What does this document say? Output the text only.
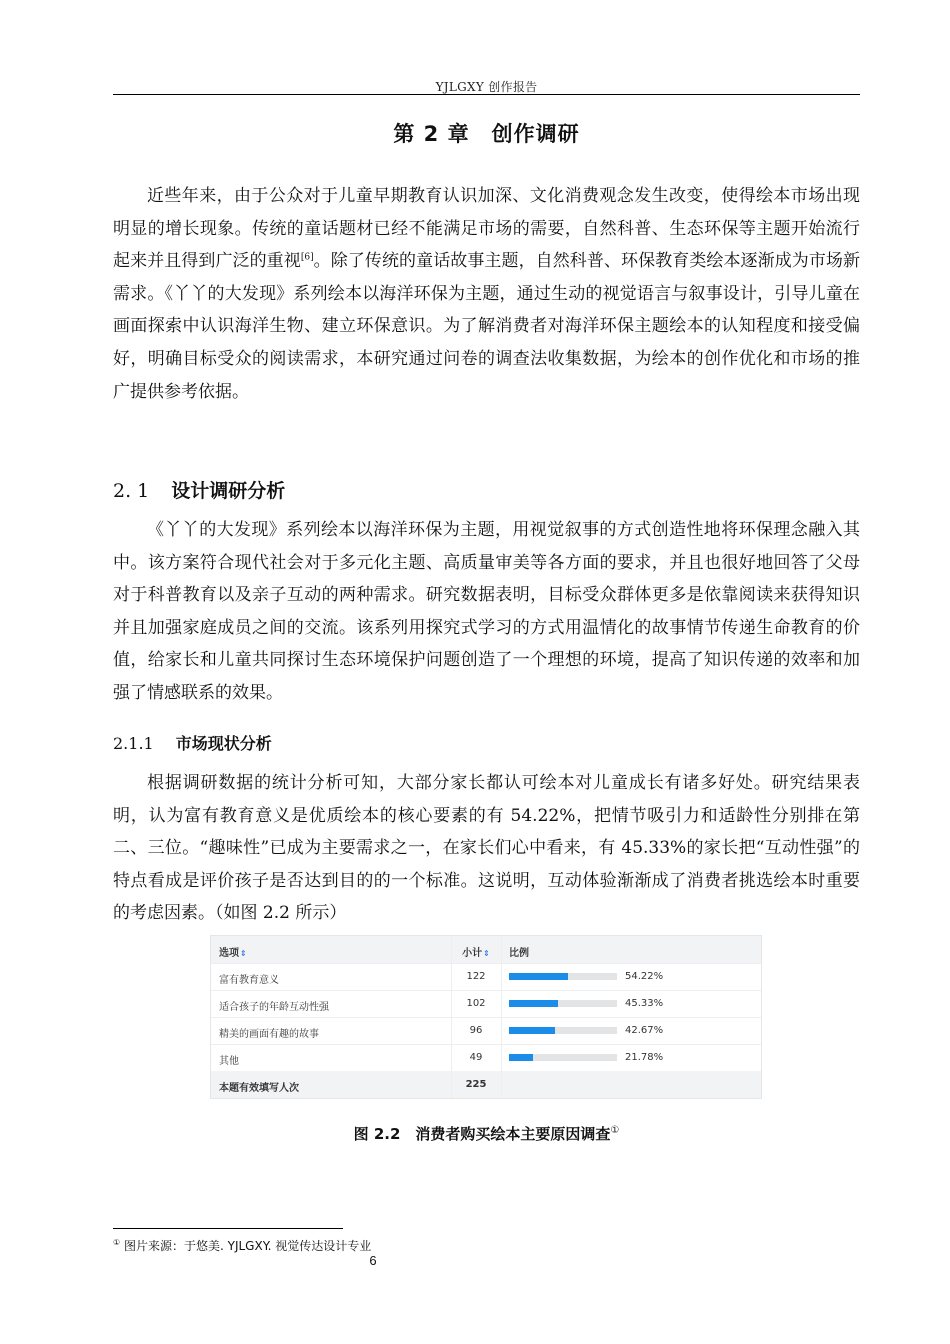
YJLGXY 创作报告
第 2 章　创作调研

近些年来，由于公众对于儿童早期教育认识加深、文化消费观念发生改变，使得绘本市场出现明显的增长现象。传统的童话题材已经不能满足市场的需要，自然科普、生态环保等主题开始流行起来并且得到广泛的重视[6]。除了传统的童话故事主题，自然科普、环保教育类绘本逐渐成为市场新需求。《丫丫的大发现》系列绘本以海洋环保为主题，通过生动的视觉语言与叙事设计，引导儿童在画面探索中认识海洋生物、建立环保意识。为了解消费者对海洋环保主题绘本的认知程度和接受偏好，明确目标受众的阅读需求，本研究通过问卷的调查法收集数据，为绘本的创作优化和市场的推广提供参考依据。

2. 1 设计调研分析

《丫丫的大发现》系列绘本以海洋环保为主题，用视觉叙事的方式创造性地将环保理念融入其中。该方案符合现代社会对于多元化主题、高质量审美等各方面的要求，并且也很好地回答了父母对于科普教育以及亲子互动的两种需求。研究数据表明，目标受众群体更多是依靠阅读来获得知识并且加强家庭成员之间的交流。该系列用探究式学习的方式用温情化的故事情节传递生命教育的价值，给家长和儿童共同探讨生态环境保护问题创造了一个理想的环境，提高了知识传递的效率和加强了情感联系的效果。

2.1.1 市场现状分析

根据调研数据的统计分析可知，大部分家长都认可绘本对儿童成长有诸多好处。研究结果表明，认为富有教育意义是优质绘本的核心要素的有 54.22%，把情节吸引力和适龄性分别排在第二、三位。“趣味性”已成为主要需求之一，在家长们心中看来，有 45.33%的家长把“互动性强”的特点看成是评价孩子是否达到目的的一个标准。这说明，互动体验渐渐成了消费者挑选绘本时重要的考虑因素。（如图 2.2 所示）

选项⇕	小计⇕	比例
富有教育意义	122	54.22%
适合孩子的年龄互动性强	102	45.33%
精美的画面有趣的故事	96	42.67%
其他	49	21.78%
本题有效填写人次	225
图 2.2　消费者购买绘本主要原因调查①
① 图片来源：于悠美. YJLGXY. 视觉传达设计专业
6
